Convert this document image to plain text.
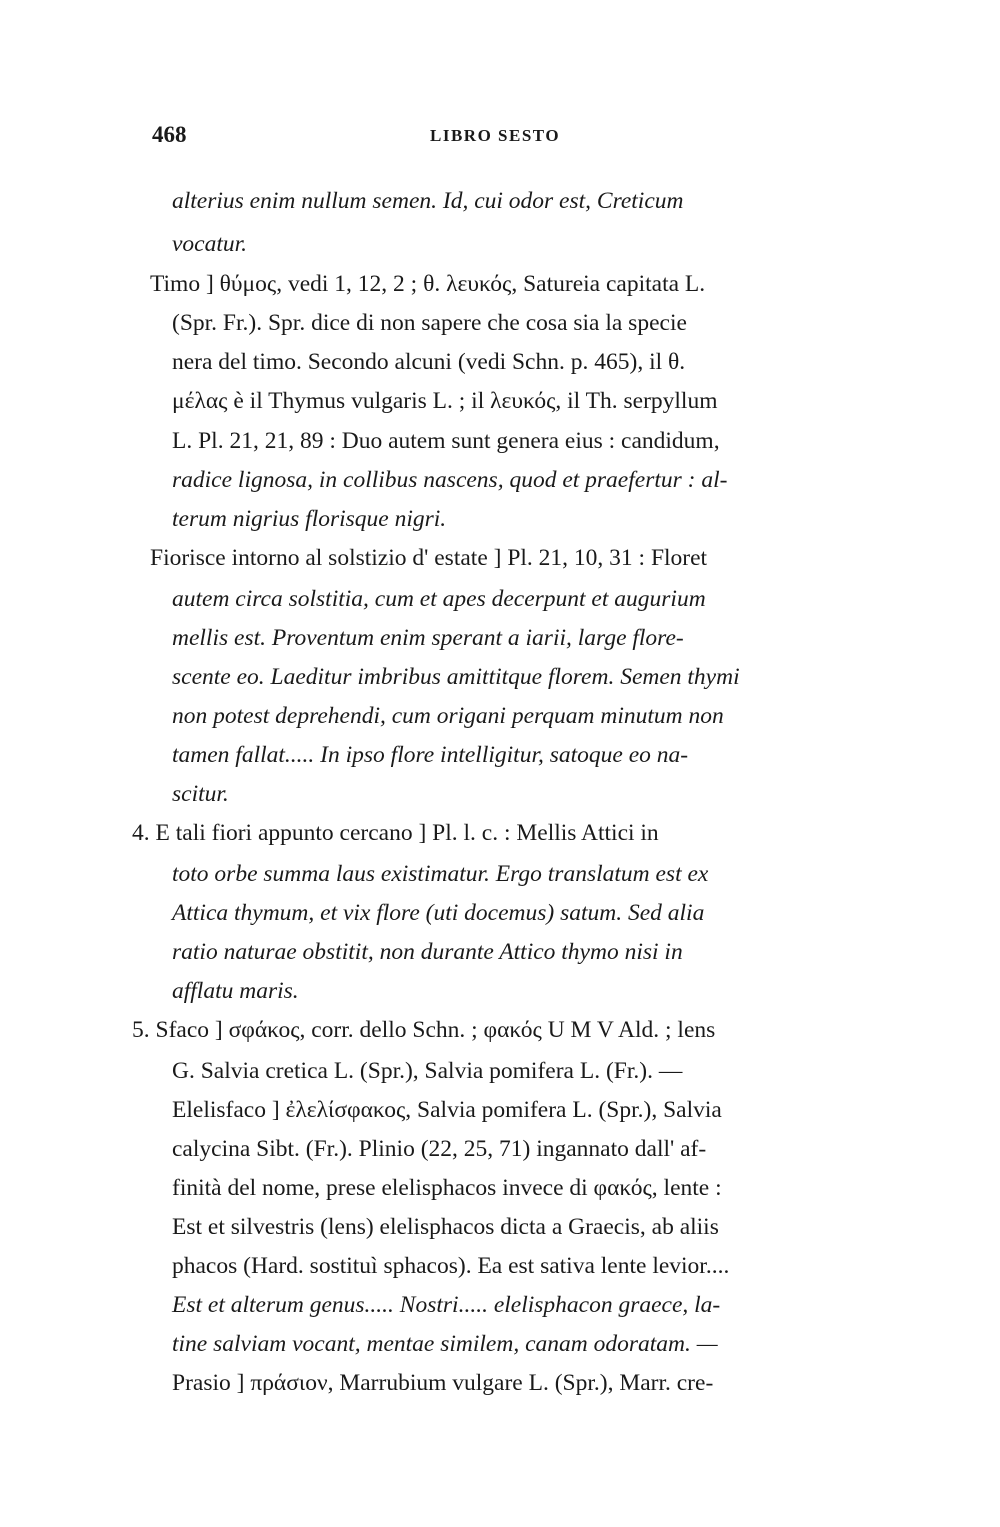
468	LIBRO SESTO
alterius enim nullum semen. Id, cui odor est, Creticum
vocatur.
Timo ] θύμος, vedi 1, 12, 2 ; θ. λευκός, Satureia capitata L.
(Spr. Fr.). Spr. dice di non sapere che cosa sia la specie
nera del timo. Secondo alcuni (vedi Schn. p. 465), il θ.
μέλας è il Thymus vulgaris L. ; il λευκός, il Th. serpyllum
L. Pl. 21, 21, 89 : Duo autem sunt genera eius : candidum,
radice lignosa, in collibus nascens, quod et praefertur : al-
terum nigrius florisque nigri.
Fiorisce intorno al solstizio d' estate ] Pl. 21, 10, 31 : Floret
autem circa solstitia, cum et apes decerpunt et augurium
mellis est. Proventum enim sperant a iarii, large flore-
scente eo. Laeditur imbribus amittitque florem. Semen thymi
non potest deprehendi, cum origani perquam minutum non
tamen fallat..... In ipso flore intelligitur, satoque eo na-
scitur.
4. E tali fiori appunto cercano ] Pl. l. c. : Mellis Attici in
toto orbe summa laus existimatur. Ergo translatum est ex
Attica thymum, et vix flore (uti docemus) satum. Sed alia
ratio naturae obstitit, non durante Attico thymo nisi in
afflatu maris.
5. Sfaco ] σφάκος, corr. dello Schn. ; φακός U M V Ald. ; lens
G. Salvia cretica L. (Spr.), Salvia pomifera L. (Fr.). —
Elelisfaco ] ἐλελίσφακος, Salvia pomifera L. (Spr.), Salvia
calycina Sibt. (Fr.). Plinio (22, 25, 71) ingannato dall' af-
finità del nome, prese elelisphacos invece di φακός, lente :
Est et silvestris (lens) elelisphacos dicta a Graecis, ab aliis
phacos (Hard. sostituì sphacos). Ea est sativa lente levior....
Est et alterum genus..... Nostri..... elelisphacon graece, la-
tine salviam vocant, mentae similem, canam odoratam. —
Prasio ] πράσιον, Marrubium vulgare L. (Spr.), Marr. cre-
